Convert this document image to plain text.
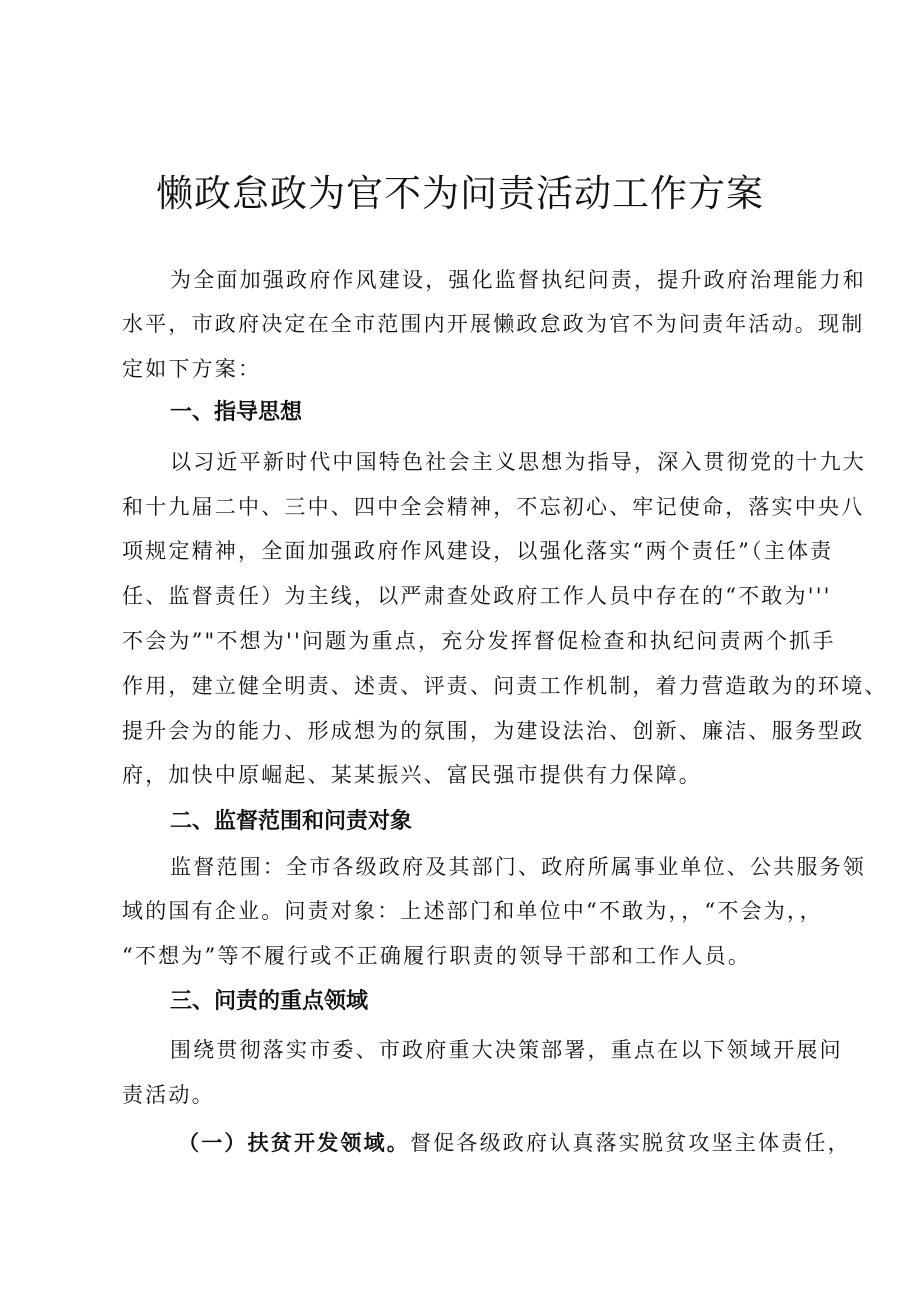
懒政怠政为官不为问责活动工作方案

为全面加强政府作风建设，强化监督执纪问责，提升政府治理能力和

水平，市政府决定在全市范围内开展懒政怠政为官不为问责年活动。现制

定如下方案：

一、指导思想

以习近平新时代中国特色社会主义思想为指导，深入贯彻党的十九大

和十九届二中、三中、四中全会精神，不忘初心、牢记使命，落实中央八

项规定精神，全面加强政府作风建设，以强化落实“两个责任”（主体责

任、监督责任）为主线，以严肃查处政府工作人员中存在的“不敢为'''

不会为”"不想为''问题为重点，充分发挥督促检查和执纪问责两个抓手

作用，建立健全明责、述责、评责、问责工作机制，着力营造敢为的环境、

提升会为的能力、形成想为的氛围，为建设法治、创新、廉洁、服务型政

府，加快中原崛起、某某振兴、富民强市提供有力保障。

二、监督范围和问责对象

监督范围：全市各级政府及其部门、政府所属事业单位、公共服务领

域的国有企业。问责对象：上述部门和单位中“不敢为，，“不会为，，

“不想为”等不履行或不正确履行职责的领导干部和工作人员。

三、问责的重点领域

围绕贯彻落实市委、市政府重大决策部署，重点在以下领域开展问

责活动。

（一）扶贫开发领域。督促各级政府认真落实脱贫攻坚主体责任，
